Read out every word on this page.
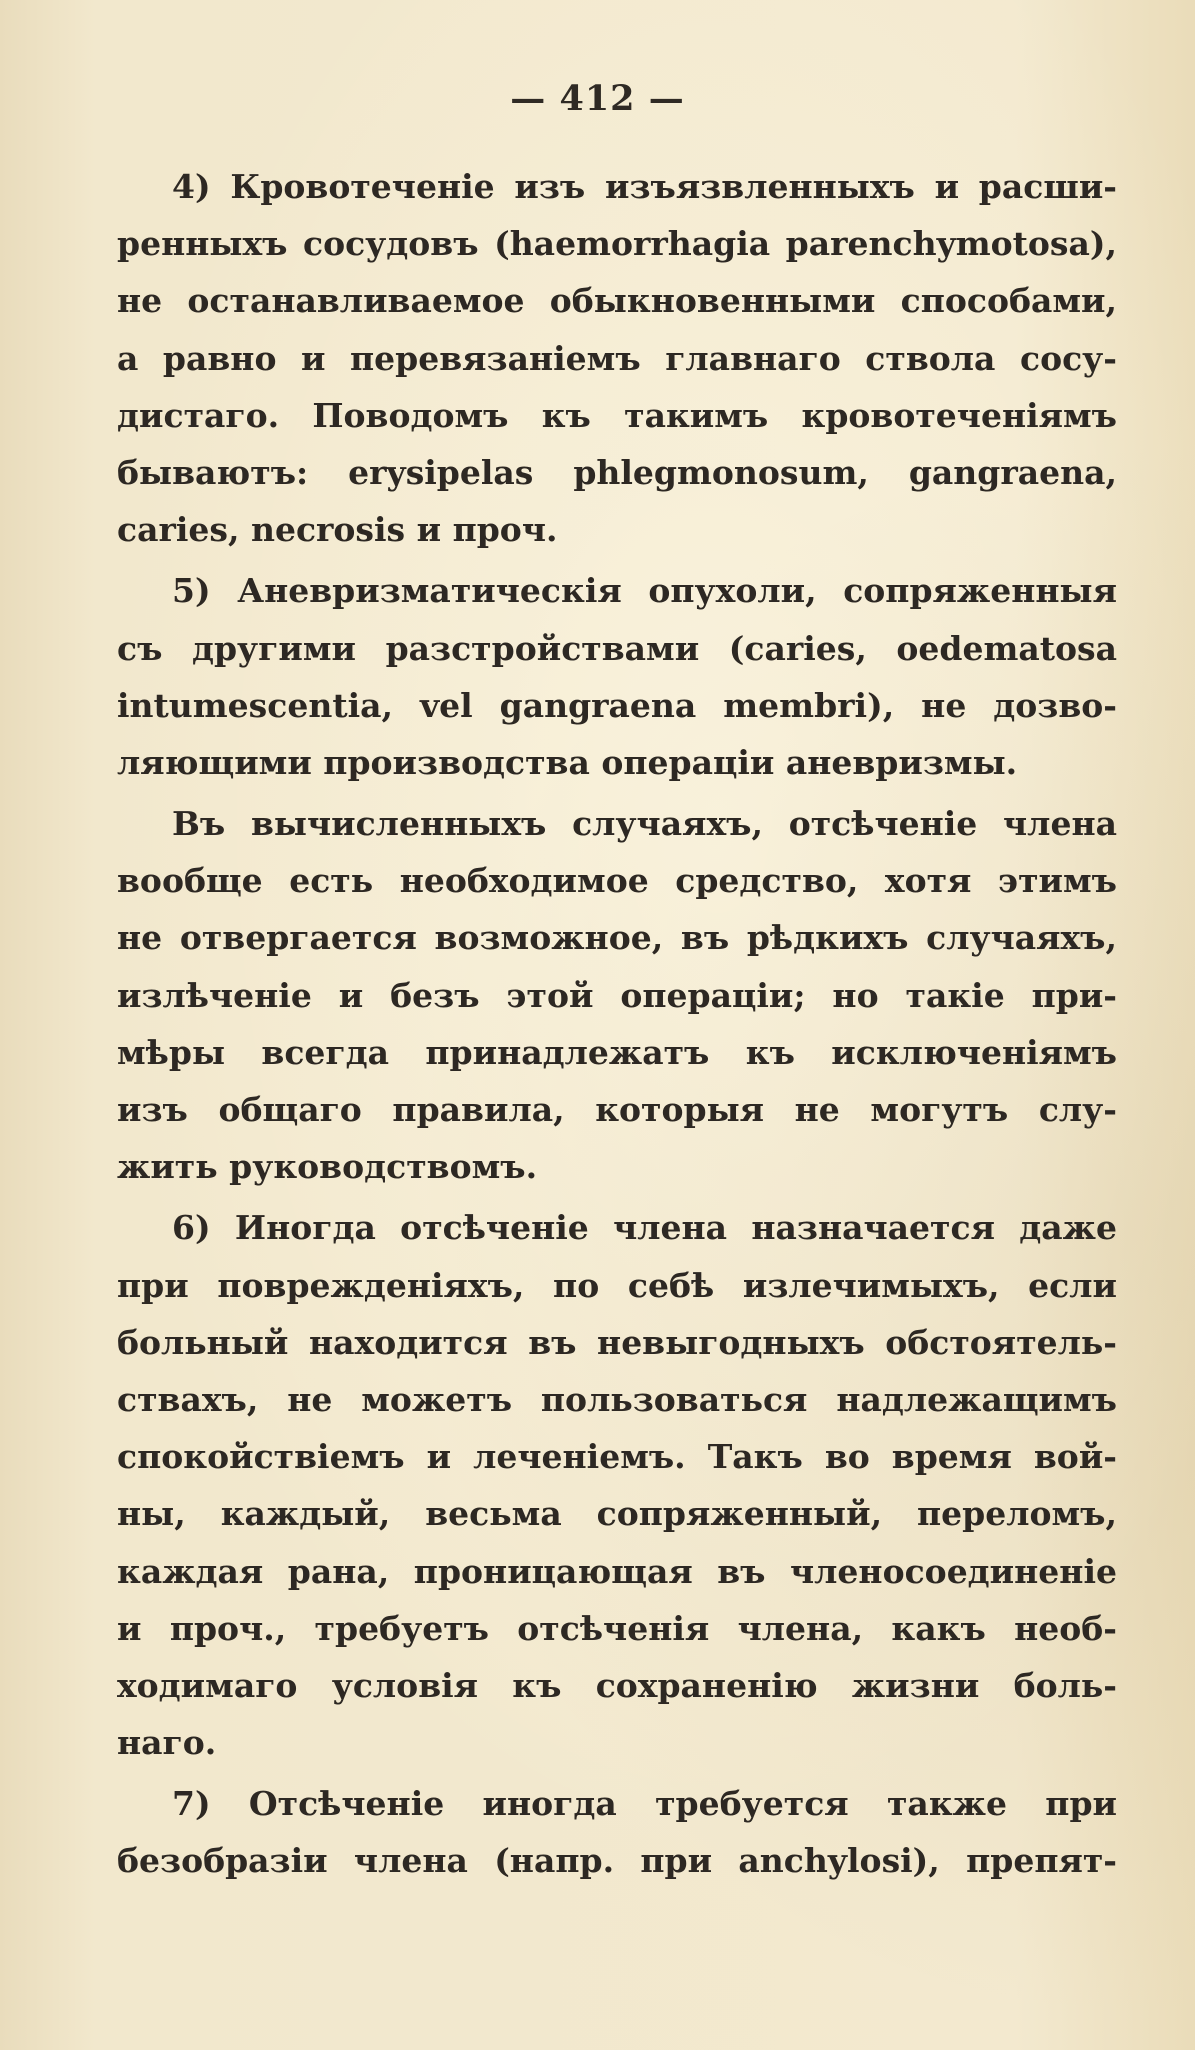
— 412 —
4) Кровотеченіе изъ изъязвленныхъ и расши-
ренныхъ сосудовъ (haemorrhagia parenchymotosa),
не останавливаемое обыкновенными способами,
а равно и перевязаніемъ главнаго ствола сосу-
дистаго. Поводомъ къ такимъ кровотеченіямъ
бываютъ: erysipelas phlegmonosum, gangraena,
caries, necrosis и проч.
5) Аневризматическія опухоли, сопряженныя
съ другими разстройствами (caries, oedematosa
intumescentia, vel gangraena membri), не дозво-
ляющими производства операціи аневризмы.
Въ вычисленныхъ случаяхъ, отсѣченіе члена
вообще есть необходимое средство, хотя этимъ
не отвергается возможное, въ рѣдкихъ случаяхъ,
излѣченіе и безъ этой операціи; но такіе при-
мѣры всегда принадлежатъ къ исключеніямъ
изъ общаго правила, которыя не могутъ слу-
жить руководствомъ.
6) Иногда отсѣченіе члена назначается даже
при поврежденіяхъ, по себѣ излечимыхъ, если
больный находится въ невыгодныхъ обстоятель-
ствахъ, не можетъ пользоваться надлежащимъ
спокойствіемъ и леченіемъ. Такъ во время вой-
ны, каждый, весьма сопряженный, переломъ,
каждая рана, проницающая въ членосоединеніе
и проч., требуетъ отсѣченія члена, какъ необ-
ходимаго условія къ сохраненію жизни боль-
наго.
7) Отсѣченіе иногда требуется также при
безобразіи члена (напр. при anchylosi), препят-
